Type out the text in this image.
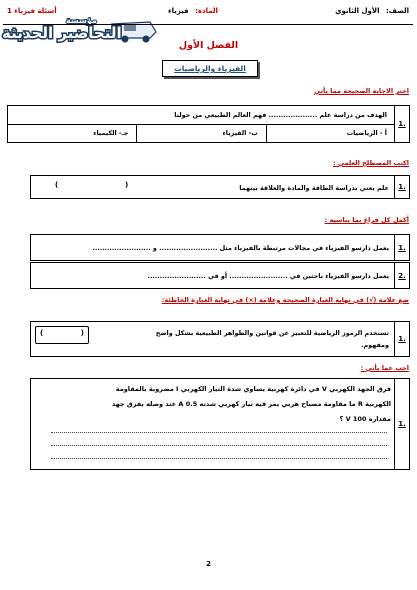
الصف: الأول الثانوي
المادة: فيزياء
أسئلة فيزياء 1
مؤسسة
التحاضير الحديثة
الفصل الأول
الفيزياء والرياضيات
اختر الاجابة الصحيحة مما يأتي
1.
الهدف من دراسة علم .................... فهم العالم الطبيعي من حولنا
أ - الرياضيات
ب- الفيزياء
جـ- الكيمياء
اكتب المصطلح العلمي :
1.
علم يعني بدراسة الطاقة والمادة والعلاقة بينهما
(	)
أكمل كل فراغ بما يناسبه :
1.
يعمل دارسو الفيزياء في مجالات مرتبطة بالفيزياء مثل ........................ و ........................
2.
يعمل دارسو الفيزياء باحثين في ........................ أو في ........................
ضع علامة (√) في نهاية العبارة الصحيحة وعلامة (×) في نهاية العبارة الخاطئة:
1.
تستخدم الرموز الرياضية للتعبير عن قوانين والظواهر الطبيعية بشكل واضح
ومفهوم.
(	)
اجب عما يأتي :
1.
فرق الجهد الكهربي V في دائرة كهربية يساوي شدة التيار الكهربي I مضروبة بالمقاومة
الكهربية R ما مقاومة مصباح هربي يمر فيه تيار كهربي شدته 0.5 A عند وصله بفرق جهد
مقداره 100 V ؟
2
